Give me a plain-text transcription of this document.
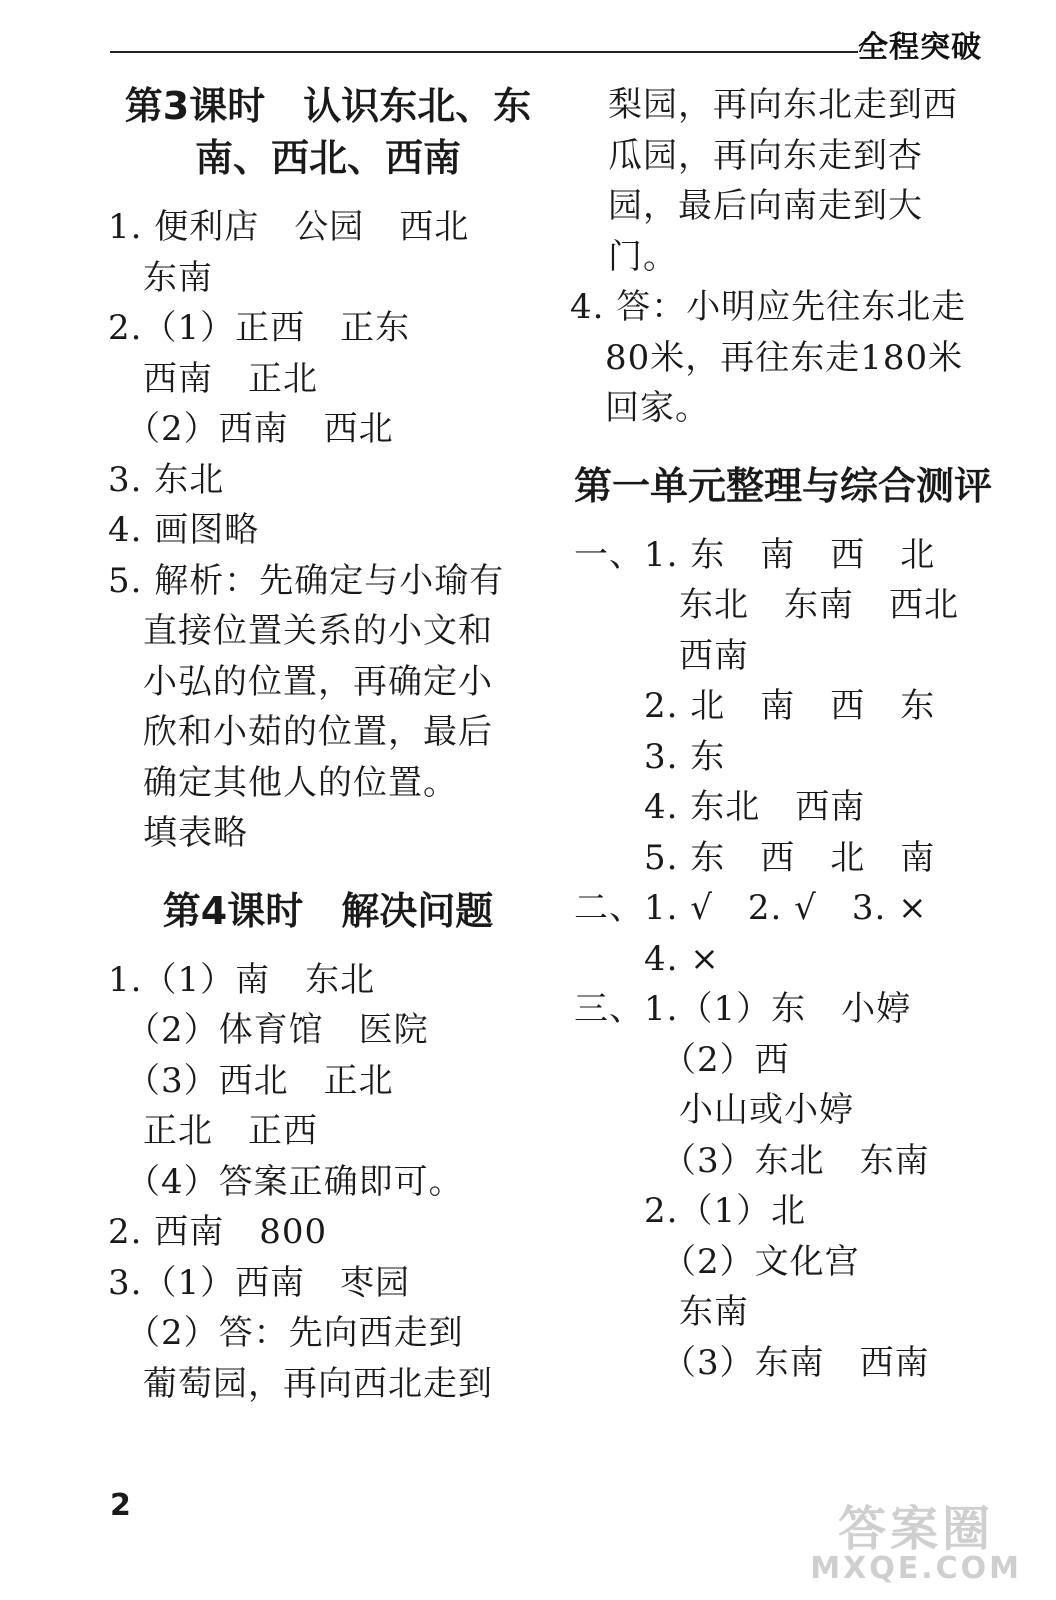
全程突破
第3课时　认识东北、东
南、西北、西南
1. 便利店　公园　西北
　东南
2.（1）正西　正东
　西南　正北
　（2）西南　西北
3. 东北
4. 画图略
5. 解析：先确定与小瑜有
　直接位置关系的小文和
　小弘的位置，再确定小
　欣和小茹的位置，最后
　确定其他人的位置。
　填表略
第4课时　解决问题
1.（1）南　东北
　（2）体育馆　医院
　（3）西北　正北
　正北　正西
　（4）答案正确即可。
2. 西南　800
3.（1）西南　枣园
　（2）答：先向西走到
　葡萄园，再向西北走到
梨园，再向东北走到西
瓜园，再向东走到杏
园，最后向南走到大
门。
4. 答：小明应先往东北走
　80米，再往东走180米
　回家。
第一单元整理与综合测评
一、1. 东　南　西　北
　　　东北　东南　西北
　　　西南
　　2. 北　南　西　东
　　3. 东
　　4. 东北　西南
　　5. 东　西　北　南
二、1. √　2. √　3. ×
　　4. ×
三、1.（1）东　小婷
　　　（2）西
　　　小山或小婷
　　　（3）东北　东南
　　2.（1）北
　　　（2）文化宫
　　　东南
　　　（3）东南　西南
2	答案圈
MXQE.COM
